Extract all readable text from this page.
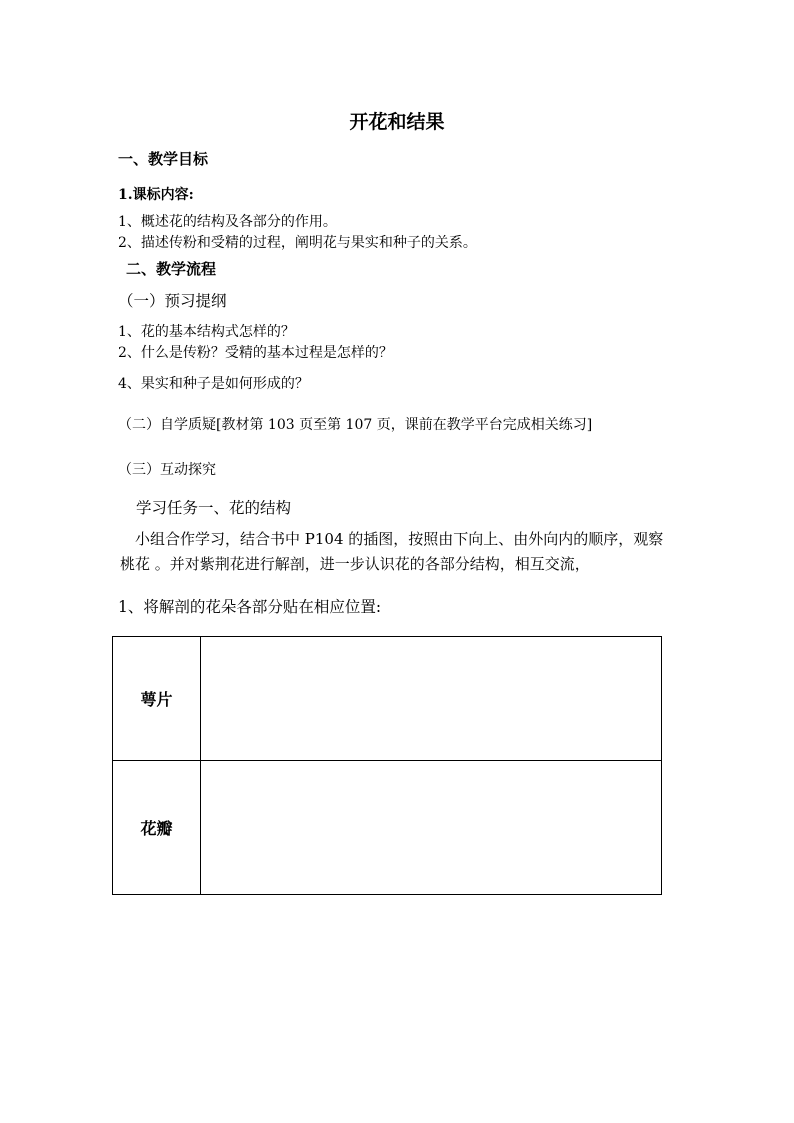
开花和结果
一、教学目标
1.课标内容:
1、概述花的结构及各部分的作用。
2、描述传粉和受精的过程，阐明花与果实和种子的关系。
二、教学流程
（一）预习提纲
1、花的基本结构式怎样的？
2、什么是传粉？受精的基本过程是怎样的？
4、果实和种子是如何形成的？
（二）自学质疑[教材第 103 页至第 107 页，课前在教学平台完成相关练习]
（三）互动探究
学习任务一、花的结构
小组合作学习，结合书中 P104 的插图，按照由下向上、由外向内的顺序，观察桃花 。并对紫荆花进行解剖，进一步认识花的各部分结构，相互交流，
1、将解剖的花朵各部分贴在相应位置:
萼片	
花瓣	
